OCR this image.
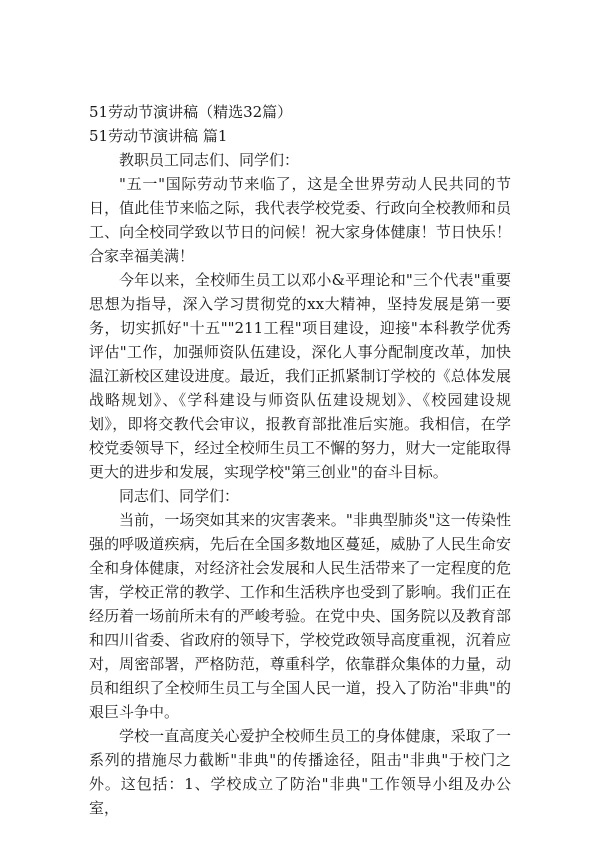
51劳动节演讲稿（精选32篇）

51劳动节演讲稿 篇1

教职员工同志们、同学们：

"五一"国际劳动节来临了，这是全世界劳动人民共同的节日，值此佳节来临之际，我代表学校党委、行政向全校教师和员工、向全校同学致以节日的问候！祝大家身体健康！节日快乐！合家幸福美满！

今年以来，全校师生员工以邓小&平理论和"三个代表"重要思想为指导，深入学习贯彻党的xx大精神，坚持发展是第一要务，切实抓好"十五""211工程"项目建设，迎接"本科教学优秀评估"工作，加强师资队伍建设，深化人事分配制度改革，加快温江新校区建设进度。最近，我们正抓紧制订学校的《总体发展战略规划》、《学科建设与师资队伍建设规划》、《校园建设规划》，即将交教代会审议，报教育部批准后实施。我相信，在学校党委领导下，经过全校师生员工不懈的努力，财大一定能取得更大的进步和发展，实现学校"第三创业"的奋斗目标。

同志们、同学们：

当前，一场突如其来的灾害袭来。"非典型肺炎"这一传染性强的呼吸道疾病，先后在全国多数地区蔓延，威胁了人民生命安全和身体健康，对经济社会发展和人民生活带来了一定程度的危害，学校正常的教学、工作和生活秩序也受到了影响。我们正在经历着一场前所未有的严峻考验。在党中央、国务院以及教育部和四川省委、省政府的领导下，学校党政领导高度重视，沉着应对，周密部署，严格防范，尊重科学，依靠群众集体的力量，动员和组织了全校师生员工与全国人民一道，投入了防治"非典"的艰巨斗争中。

学校一直高度关心爱护全校师生员工的身体健康，采取了一系列的措施尽力截断"非典"的传播途径，阻击"非典"于校门之外。这包括：1、学校成立了防治"非典"工作领导小组及办公室，
